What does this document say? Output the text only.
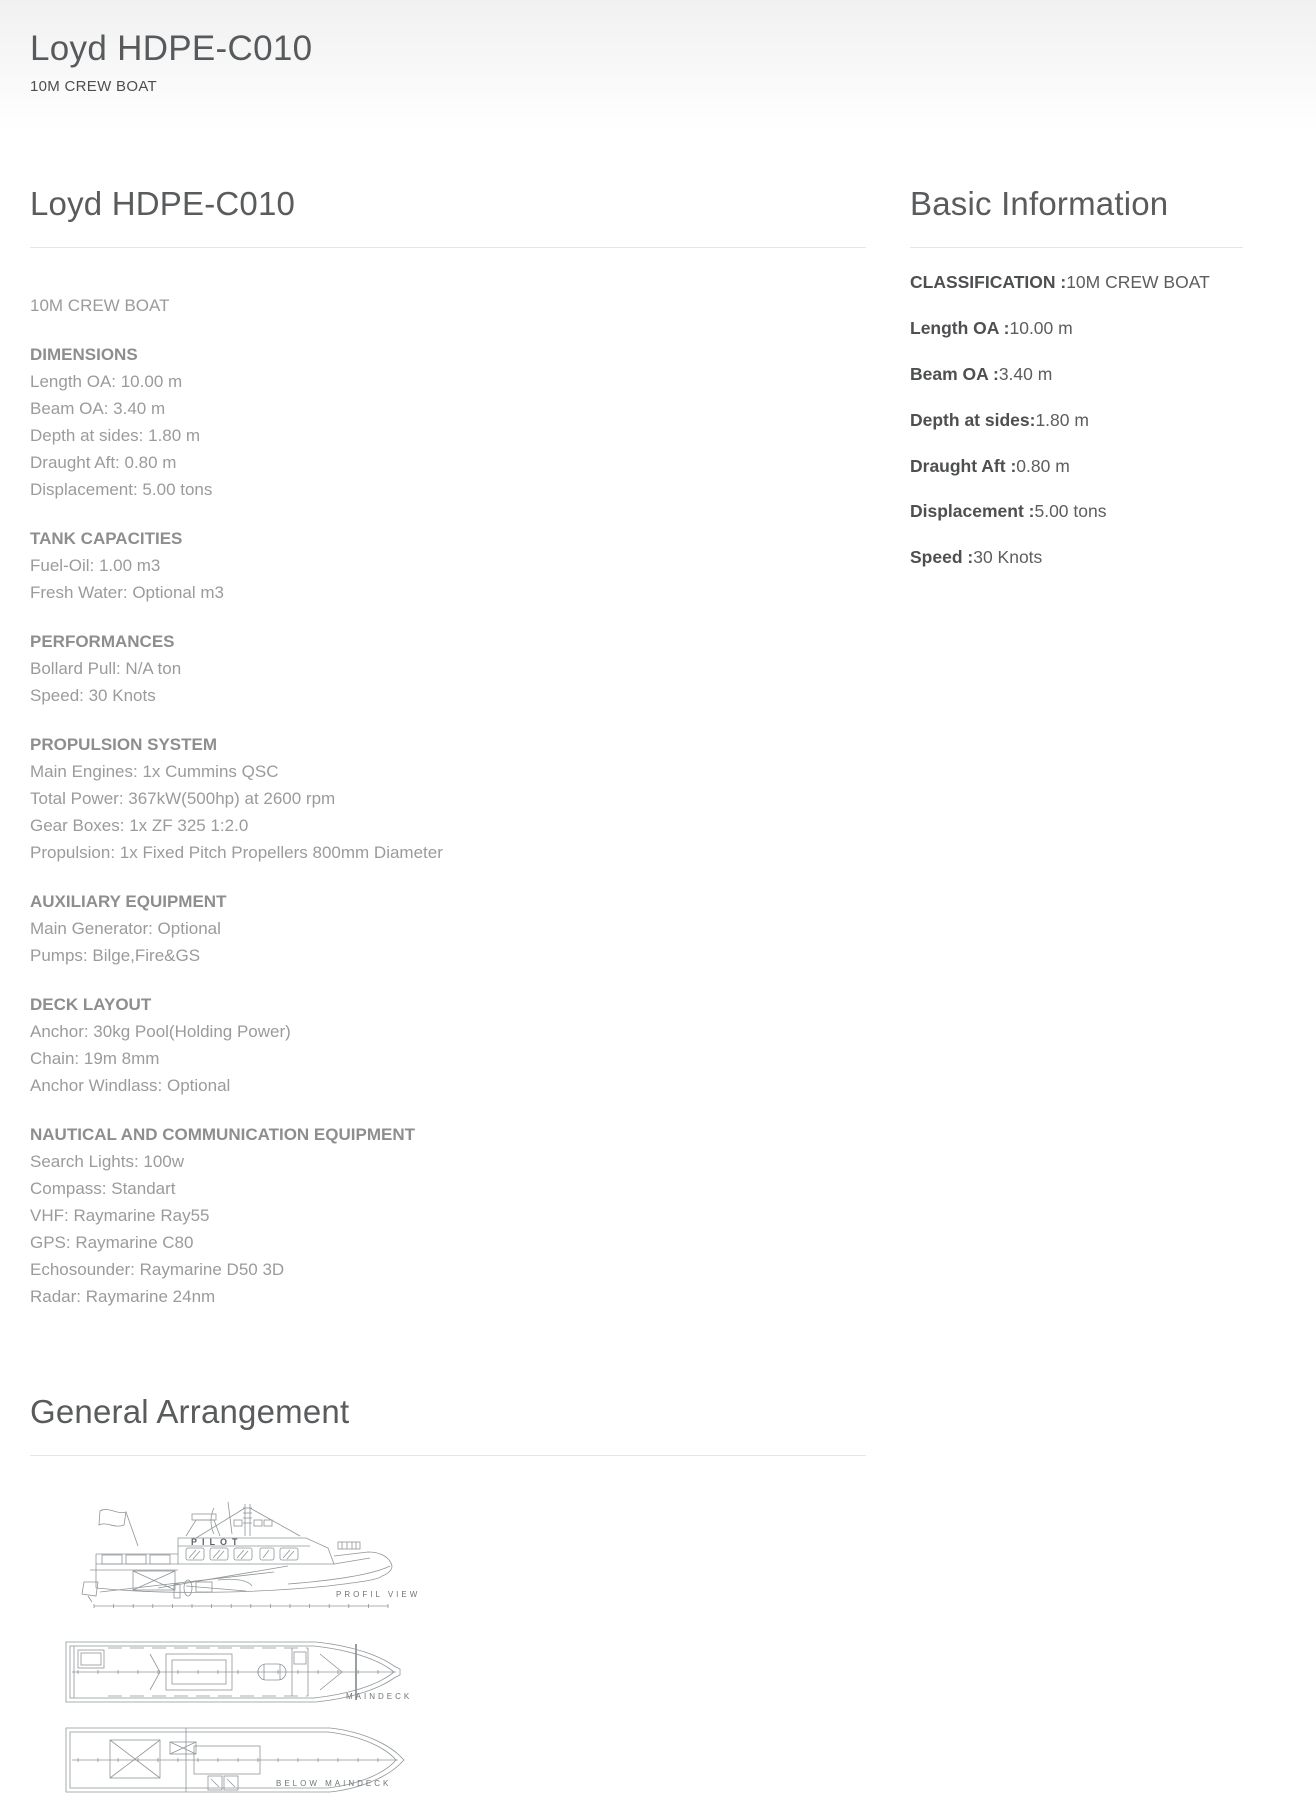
Loyd HDPE-C010
10M CREW BOAT
Loyd HDPE-C010

10M CREW BOAT

DIMENSIONS

Length OA: 10.00 m

Beam OA: 3.40 m

Depth at sides: 1.80 m

Draught Aft: 0.80 m

Displacement: 5.00 tons

TANK CAPACITIES

Fuel-Oil: 1.00 m3

Fresh Water: Optional m3

PERFORMANCES

Bollard Pull: N/A ton

Speed: 30 Knots

PROPULSION SYSTEM

Main Engines: 1x Cummins QSC

Total Power: 367kW(500hp) at 2600 rpm

Gear Boxes: 1x ZF 325 1:2.0

Propulsion: 1x Fixed Pitch Propellers 800mm Diameter

AUXILIARY EQUIPMENT

Main Generator: Optional

Pumps: Bilge,Fire&GS

DECK LAYOUT

Anchor: 30kg Pool(Holding Power)

Chain: 19m 8mm

Anchor Windlass: Optional

NAUTICAL AND COMMUNICATION EQUIPMENT

Search Lights: 100w

Compass: Standart

VHF: Raymarine Ray55

GPS: Raymarine C80

Echosounder: Raymarine D50 3D

Radar: Raymarine 24nm

General Arrangement
PROFIL VIEW
MAINDECK
BELOW MAINDECK
PILOT
Basic Information
CLASSIFICATION :10M CREW BOAT
Length OA :10.00 m
Beam OA :3.40 m
Depth at sides:1.80 m
Draught Aft :0.80 m
Displacement :5.00 tons
Speed :30 Knots
